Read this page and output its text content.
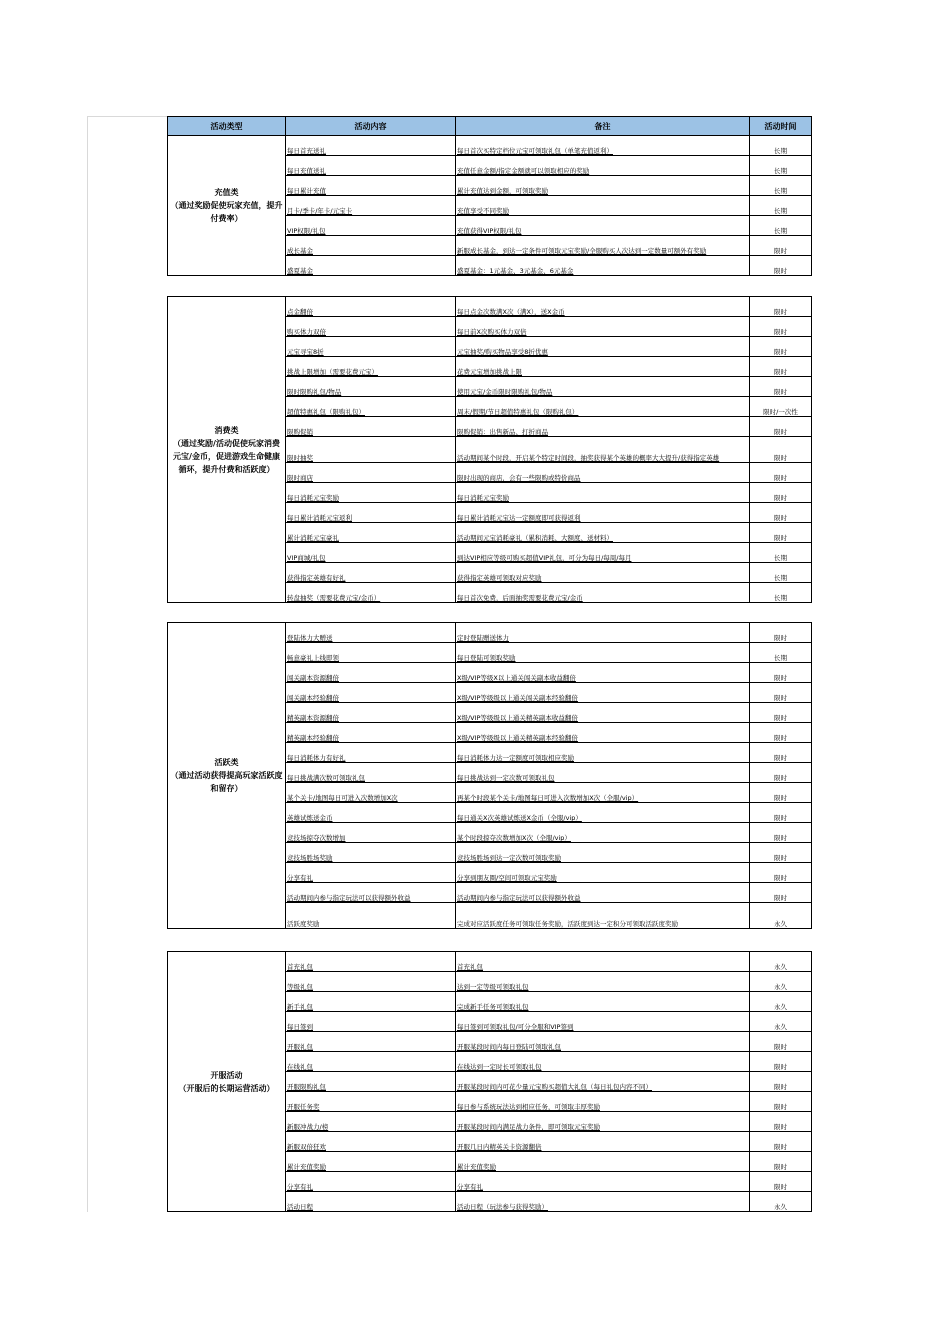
活动类型	活动内容	备注	活动时间

充值类
（通过奖励促使玩家充值，提升付费率）	每日首充送礼	每日首次买特定档位元宝可领取礼包（单笔充值返利）	长期
	每日充值送礼	充值任意金额/指定金额就可以领取相应的奖励	长期
	每日累计充值	累计充值达到金额，可领取奖励	长期
	月卡/季卡/年卡/元宝卡	充值享受不同奖励	长期
	VIP权限/礼包	充值获得VIP权限/礼包	长期
	成长基金	新服成长基金，到达一定条件可领取元宝奖励/全服购买人次达到一定数量可额外有奖励	限时
	盛夏基金	盛夏基金：1元基金、3元基金、6元基金	限时
消费类
（通过奖励/活动促使玩家消费元宝/金币，促进游戏生命健康循环，提升付费和活跃度）	点金翻倍	每日点金次数满X次（满X），送X金币	限时
	购买体力双倍	每日前X次购买体力双倍	限时
	元宝寻宝8折	元宝抽奖/购买物品享受8折优惠	限时
	挑战上限增加（需要花费元宝）	花费元宝增加挑战上限	限时
	限时限购礼包/物品	使用元宝/金币限时限购礼包/物品	限时
	超值特惠礼包（限购礼包）	周末/假期/节日超值特惠礼包（限购礼包）	限时/一次性
	限购促销	限购促销：出售新品、打折商品	限时
	限时抽奖	活动期间某个时段，开启某个特定时间段，抽奖获得某个英雄的概率大大提升/获得指定英雄	限时
	限时商店	限时出现的商店，会有一些限购或特价商品	限时
	每日消耗元宝奖励	每日消耗元宝奖励	限时
	每日累计消耗元宝返利	每日累计消耗元宝达一定额度即可获得返利	限时
	累计消耗元宝豪礼	活动期间元宝消耗豪礼（累积消耗、大额度、送材料）	限时
	VIP商城/礼包	到达VIP相应等级可购买超值VIP礼包，可分为每日/每周/每月	长期
	获得指定英雄有好礼	获得指定英雄可领取对应奖励	长期
	转盘抽奖（需要花费元宝/金币）	每日首次免费，后面抽奖需要花费元宝/金币	长期
活跃类
（通过活动获得提高玩家活跃度和留存）	登陆体力大赠送	定时登陆赠送体力	限时
	畅意豪礼上线即领	每日登陆可领取奖励	长期
	闯关副本资源翻倍	X级/VIP等级X以上通关闯关副本收益翻倍	限时
	闯关副本经验翻倍	X级/VIP等级级以上通关闯关副本经验翻倍	限时
	精英副本资源翻倍	X级/VIP等级级以上通关精英副本收益翻倍	限时
	精英副本经验翻倍	X级/VIP等级级以上通关精英副本经验翻倍	限时
	每日消耗体力有好礼	每日消耗体力达一定额度可领取相应奖励	限时
	每日挑战满次数可领取礼包	每日挑战达到一定次数可领取礼包	限时
	某个关卡/地图每日可进入次数增加X次	再某个时段某个关卡/地图每日可进入次数增加X次（全服/vip）	限时
	英雄试炼送金币	每日通关X次英雄试炼送X金币（全服/vip）	限时
	竞技场掠夺次数增加	某个时段掠夺次数增加X次（全服/vip）	限时
	竞技场胜场奖励	竞技场胜场到达一定次数可领取奖励	限时
	分享有礼	分享到朋友圈/空间可领取元宝奖励	限时
	活动期间内参与指定玩法可以获得额外收益	活动期间内参与指定玩法可以获得额外收益	限时
	活跃度奖励	完成对应活跃度任务可领取任务奖励，活跃度到达一定积分可领取活跃度奖励	永久
开服活动
（开服后的长期运营活动）	首充礼包	首充礼包	永久
	等级礼包	达到一定等级可领取礼包	永久
	新手礼包	完成新手任务可领取礼包	永久
	每日签到	每日签到可领取礼包/可分全服和VIP签到	永久
	开服礼包	开服某段时间内每日登陆可领取礼包	限时
	在线礼包	在线达到一定时长可领取礼包	限时
	开服限购礼包	开服某段时间内可花少量元宝购买超值大礼包（每日礼包内容不同）	限时
	开服任务奖	每日参与系统玩法达到相应任务，可领取丰厚奖励	限时
	新服冲战力/榜	开服某段时间内满足战力条件，即可领取元宝奖励	限时
	新服双倍狂欢	开服几日内精英关卡资源翻倍	限时
	累计充值奖励	累计充值奖励	限时
	分享有礼	分享有礼	限时
	活动日程	活动日程（玩法参与获得奖励）	永久
